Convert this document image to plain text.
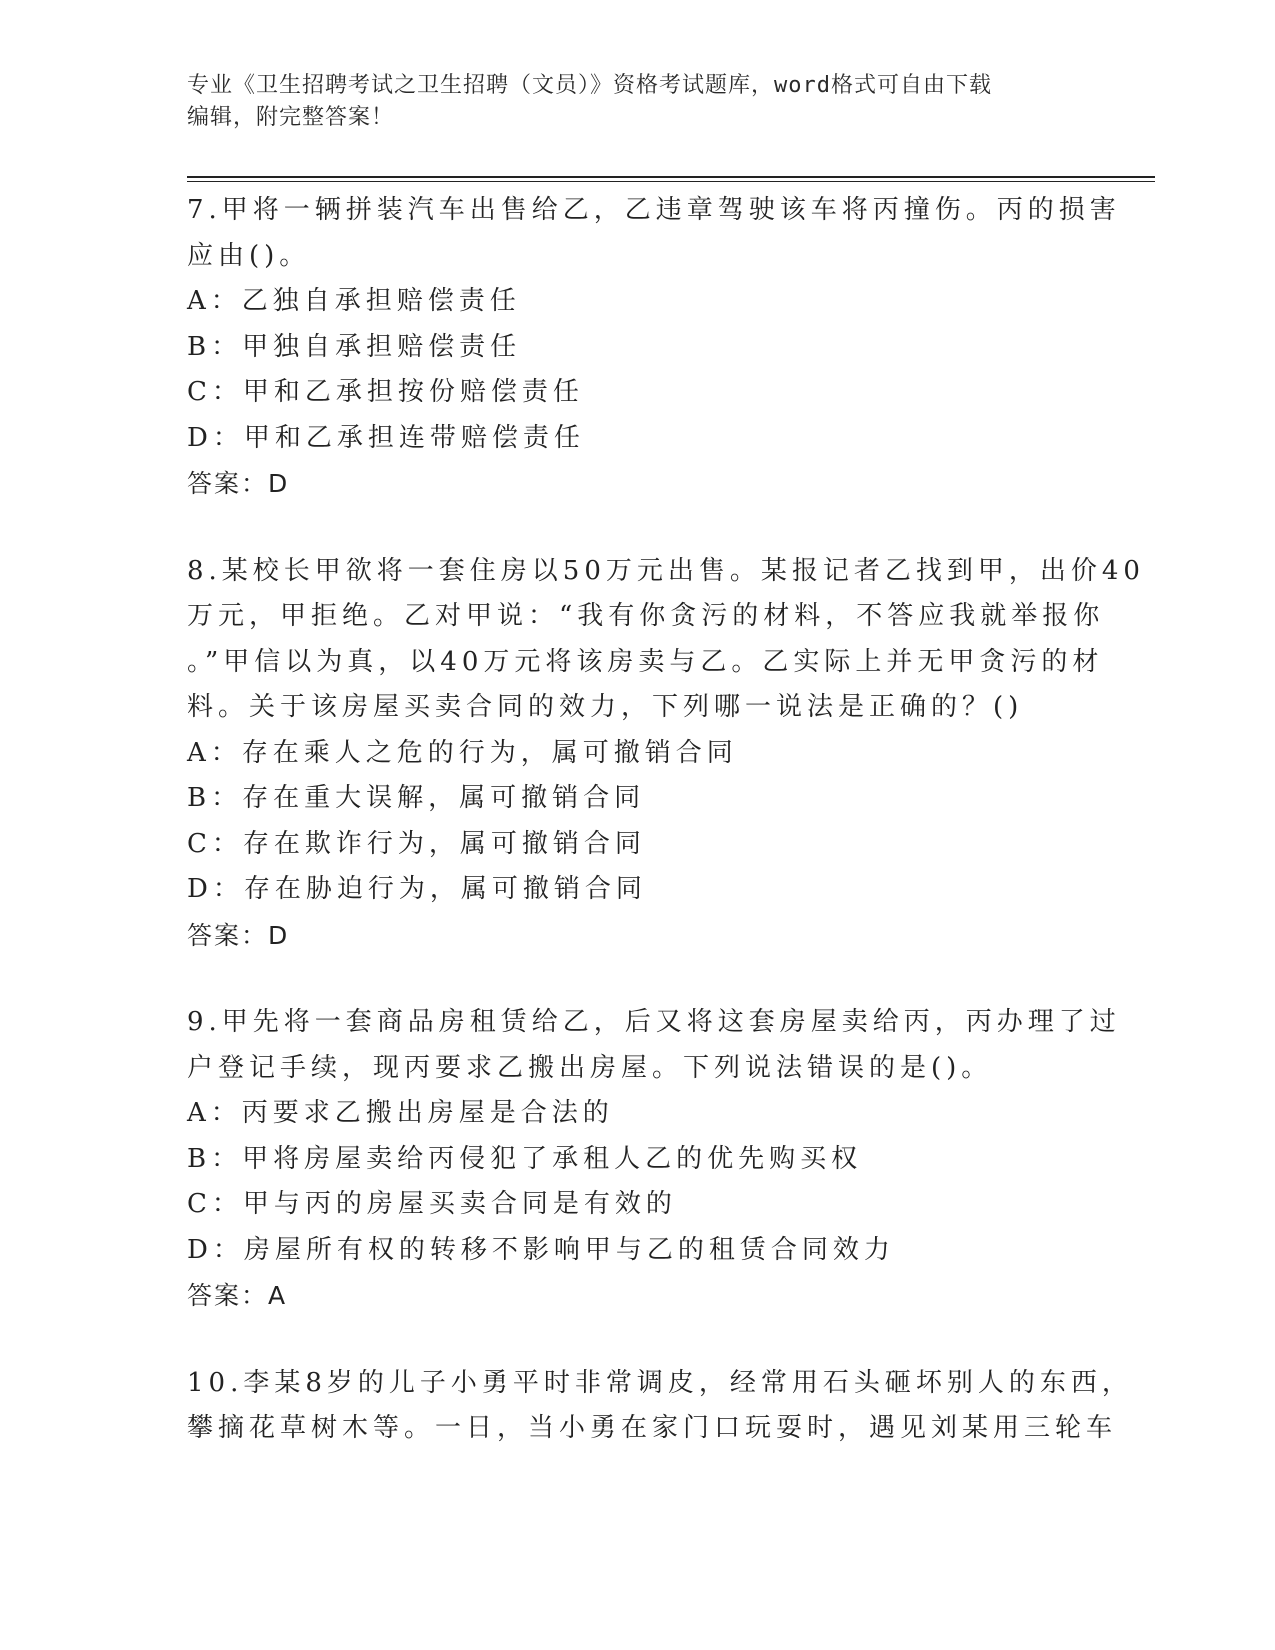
专业《卫生招聘考试之卫生招聘（文员）》资格考试题库，word格式可自由下载
编辑，附完整答案！
7.甲将一辆拼装汽车出售给乙，乙违章驾驶该车将丙撞伤。丙的损害
应由()。
A：乙独自承担赔偿责任
B：甲独自承担赔偿责任
C：甲和乙承担按份赔偿责任
D：甲和乙承担连带赔偿责任
答案：D
8.某校长甲欲将一套住房以50万元出售。某报记者乙找到甲，出价40
万元，甲拒绝。乙对甲说：“我有你贪污的材料，不答应我就举报你
。”甲信以为真，以40万元将该房卖与乙。乙实际上并无甲贪污的材
料。关于该房屋买卖合同的效力，下列哪一说法是正确的？()
A：存在乘人之危的行为，属可撤销合同
B：存在重大误解，属可撤销合同
C：存在欺诈行为，属可撤销合同
D：存在胁迫行为，属可撤销合同
答案：D
9.甲先将一套商品房租赁给乙，后又将这套房屋卖给丙，丙办理了过
户登记手续，现丙要求乙搬出房屋。下列说法错误的是()。
A：丙要求乙搬出房屋是合法的
B：甲将房屋卖给丙侵犯了承租人乙的优先购买权
C：甲与丙的房屋买卖合同是有效的
D：房屋所有权的转移不影响甲与乙的租赁合同效力
答案：A
10.李某8岁的儿子小勇平时非常调皮，经常用石头砸坏别人的东西，
攀摘花草树木等。一日，当小勇在家门口玩耍时，遇见刘某用三轮车
